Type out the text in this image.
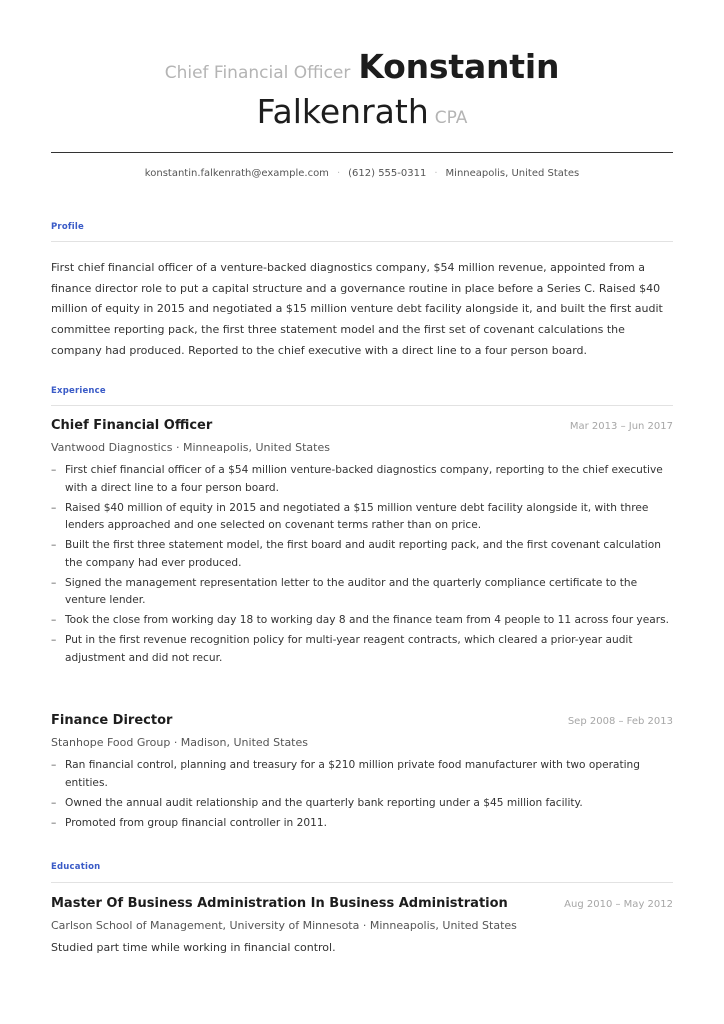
Chief Financial Officer Konstantin
Falkenrath CPA
konstantin.falkenrath@example.com · (612) 555-0311 · Minneapolis, United States
Profile
First chief financial officer of a venture-backed diagnostics company, $54 million revenue, appointed from a finance director role to put a capital structure and a governance routine in place before a Series C. Raised $40 million of equity in 2015 and negotiated a $15 million venture debt facility alongside it, and built the first audit committee reporting pack, the first three statement model and the first set of covenant calculations the company had produced. Reported to the chief executive with a direct line to a four person board.
Experience
Chief Financial Officer	Mar 2013 – Jun 2017
Vantwood Diagnostics · Minneapolis, United States
– First chief financial officer of a $54 million venture-backed diagnostics company, reporting to the chief executive with a direct line to a four person board.
– Raised $40 million of equity in 2015 and negotiated a $15 million venture debt facility alongside it, with three lenders approached and one selected on covenant terms rather than on price.
– Built the first three statement model, the first board and audit reporting pack, and the first covenant calculation the company had ever produced.
– Signed the management representation letter to the auditor and the quarterly compliance certificate to the venture lender.
– Took the close from working day 18 to working day 8 and the finance team from 4 people to 11 across four years.
– Put in the first revenue recognition policy for multi-year reagent contracts, which cleared a prior-year audit adjustment and did not recur.
Finance Director	Sep 2008 – Feb 2013
Stanhope Food Group · Madison, United States
– Ran financial control, planning and treasury for a $210 million private food manufacturer with two operating entities.
– Owned the annual audit relationship and the quarterly bank reporting under a $45 million facility.
– Promoted from group financial controller in 2011.
Education
Master Of Business Administration In Business Administration	Aug 2010 – May 2012
Carlson School of Management, University of Minnesota · Minneapolis, United States
Studied part time while working in financial control.
